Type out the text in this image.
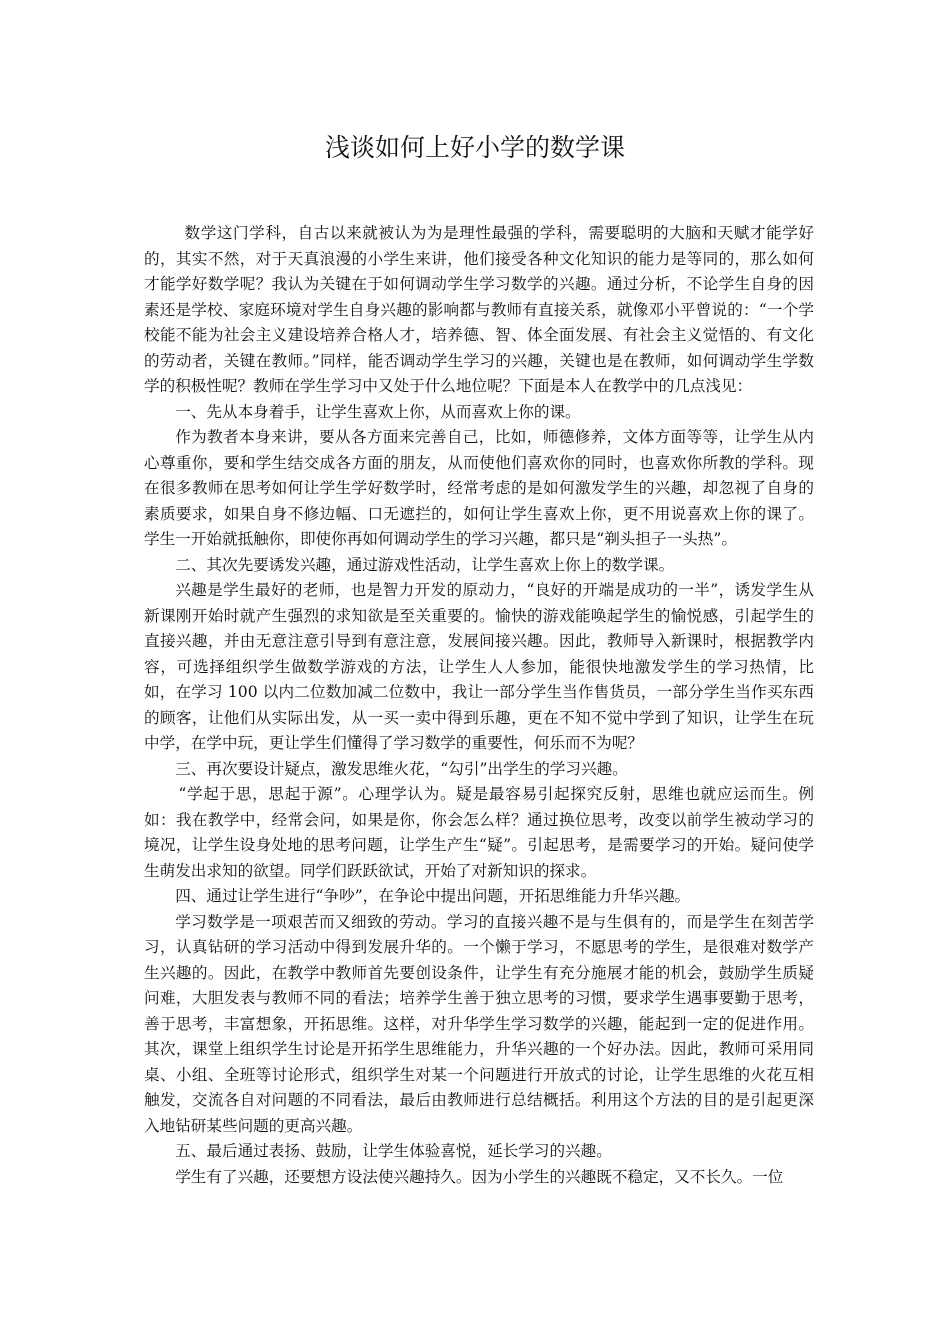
浅谈如何上好小学的数学课

数学这门学科，自古以来就被认为为是理性最强的学科，需要聪明的大脑和天赋才能学好的，其实不然，对于天真浪漫的小学生来讲，他们接受各种文化知识的能力是等同的，那么如何才能学好数学呢？我认为关键在于如何调动学生学习数学的兴趣。通过分析，不论学生自身的因素还是学校、家庭环境对学生自身兴趣的影响都与教师有直接关系，就像邓小平曾说的：“一个学校能不能为社会主义建设培养合格人才，培养德、智、体全面发展、有社会主义觉悟的、有文化的劳动者，关键在教师。”同样，能否调动学生学习的兴趣，关键也是在教师，如何调动学生学数学的积极性呢？教师在学生学习中又处于什么地位呢？下面是本人在教学中的几点浅见：

一、先从本身着手，让学生喜欢上你，从而喜欢上你的课。

作为教者本身来讲，要从各方面来完善自己，比如，师德修养，文体方面等等，让学生从内心尊重你，要和学生结交成各方面的朋友，从而使他们喜欢你的同时，也喜欢你所教的学科。现在很多教师在思考如何让学生学好数学时，经常考虑的是如何激发学生的兴趣，却忽视了自身的素质要求，如果自身不修边幅、口无遮拦的，如何让学生喜欢上你，更不用说喜欢上你的课了。学生一开始就抵触你，即使你再如何调动学生的学习兴趣，都只是“剃头担子一头热”。

二、其次先要诱发兴趣，通过游戏性活动，让学生喜欢上你上的数学课。

兴趣是学生最好的老师，也是智力开发的原动力，“良好的开端是成功的一半”，诱发学生从新课刚开始时就产生强烈的求知欲是至关重要的。愉快的游戏能唤起学生的愉悦感，引起学生的直接兴趣，并由无意注意引导到有意注意，发展间接兴趣。因此，教师导入新课时，根据教学内容，可选择组织学生做数学游戏的方法，让学生人人参加，能很快地激发学生的学习热情，比如，在学习 100 以内二位数加减二位数中，我让一部分学生当作售货员，一部分学生当作买东西的顾客，让他们从实际出发，从一买一卖中得到乐趣，更在不知不觉中学到了知识，让学生在玩中学，在学中玩，更让学生们懂得了学习数学的重要性，何乐而不为呢？

三、再次要设计疑点，激发思维火花，“勾引”出学生的学习兴趣。

“学起于思，思起于源”。心理学认为。疑是最容易引起探究反射，思维也就应运而生。例如：我在教学中，经常会问，如果是你，你会怎么样？通过换位思考，改变以前学生被动学习的境况，让学生设身处地的思考问题，让学生产生“疑”。引起思考，是需要学习的开始。疑问使学生萌发出求知的欲望。同学们跃跃欲试，开始了对新知识的探求。

四、通过让学生进行“争吵”，在争论中提出问题，开拓思维能力升华兴趣。

学习数学是一项艰苦而又细致的劳动。学习的直接兴趣不是与生俱有的，而是学生在刻苦学习，认真钻研的学习活动中得到发展升华的。一个懒于学习，不愿思考的学生，是很难对数学产生兴趣的。因此，在教学中教师首先要创设条件，让学生有充分施展才能的机会，鼓励学生质疑问难，大胆发表与教师不同的看法；培养学生善于独立思考的习惯，要求学生遇事要勤于思考，善于思考，丰富想象，开拓思维。这样，对升华学生学习数学的兴趣，能起到一定的促进作用。其次，课堂上组织学生讨论是开拓学生思维能力，升华兴趣的一个好办法。因此，教师可采用同桌、小组、全班等讨论形式，组织学生对某一个问题进行开放式的讨论，让学生思维的火花互相触发，交流各自对问题的不同看法，最后由教师进行总结概括。利用这个方法的目的是引起更深入地钻研某些问题的更高兴趣。

五、最后通过表扬、鼓励，让学生体验喜悦，延长学习的兴趣。

学生有了兴趣，还要想方设法使兴趣持久。因为小学生的兴趣既不稳定，又不长久。一位
